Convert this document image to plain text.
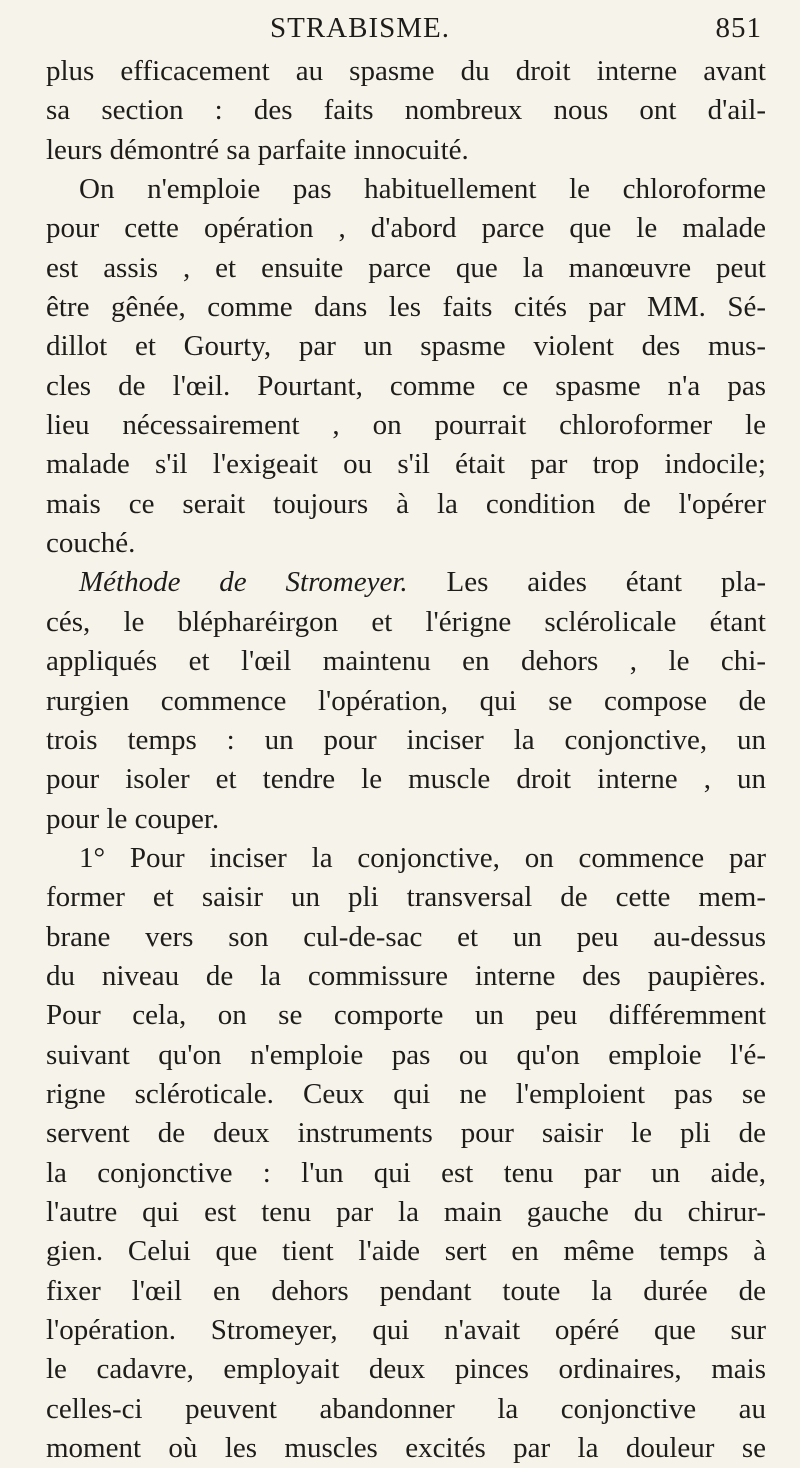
STRABISME.	851

plus efficacement au spasme du droit interne avant

sa section : des faits nombreux nous ont d'ail-

leurs démontré sa parfaite innocuité.

On n'emploie pas habituellement le chloroforme

pour cette opération , d'abord parce que le malade

est assis , et ensuite parce que la manœuvre peut

être gênée, comme dans les faits cités par MM. Sé-

dillot et Gourty, par un spasme violent des mus-

cles de l'œil. Pourtant, comme ce spasme n'a pas

lieu nécessairement , on pourrait chloroformer le

malade s'il l'exigeait ou s'il était par trop indocile;

mais ce serait toujours à la condition de l'opérer

couché.

Méthode de Stromeyer. Les aides étant pla-

cés, le blépharéirgon et l'érigne sclérolicale étant

appliqués et l'œil maintenu en dehors , le chi-

rurgien commence l'opération, qui se compose de

trois temps : un pour inciser la conjonctive, un

pour isoler et tendre le muscle droit interne , un

pour le couper.

1° Pour inciser la conjonctive, on commence par

former et saisir un pli transversal de cette mem-

brane vers son cul-de-sac et un peu au-dessus

du niveau de la commissure interne des paupières.

Pour cela, on se comporte un peu différemment

suivant qu'on n'emploie pas ou qu'on emploie l'é-

rigne scléroticale. Ceux qui ne l'emploient pas se

servent de deux instruments pour saisir le pli de

la conjonctive : l'un qui est tenu par un aide,

l'autre qui est tenu par la main gauche du chirur-

gien. Celui que tient l'aide sert en même temps à

fixer l'œil en dehors pendant toute la durée de

l'opération. Stromeyer, qui n'avait opéré que sur

le cadavre, employait deux pinces ordinaires, mais

celles-ci peuvent abandonner la conjonctive au

moment où les muscles excités par la douleur se
